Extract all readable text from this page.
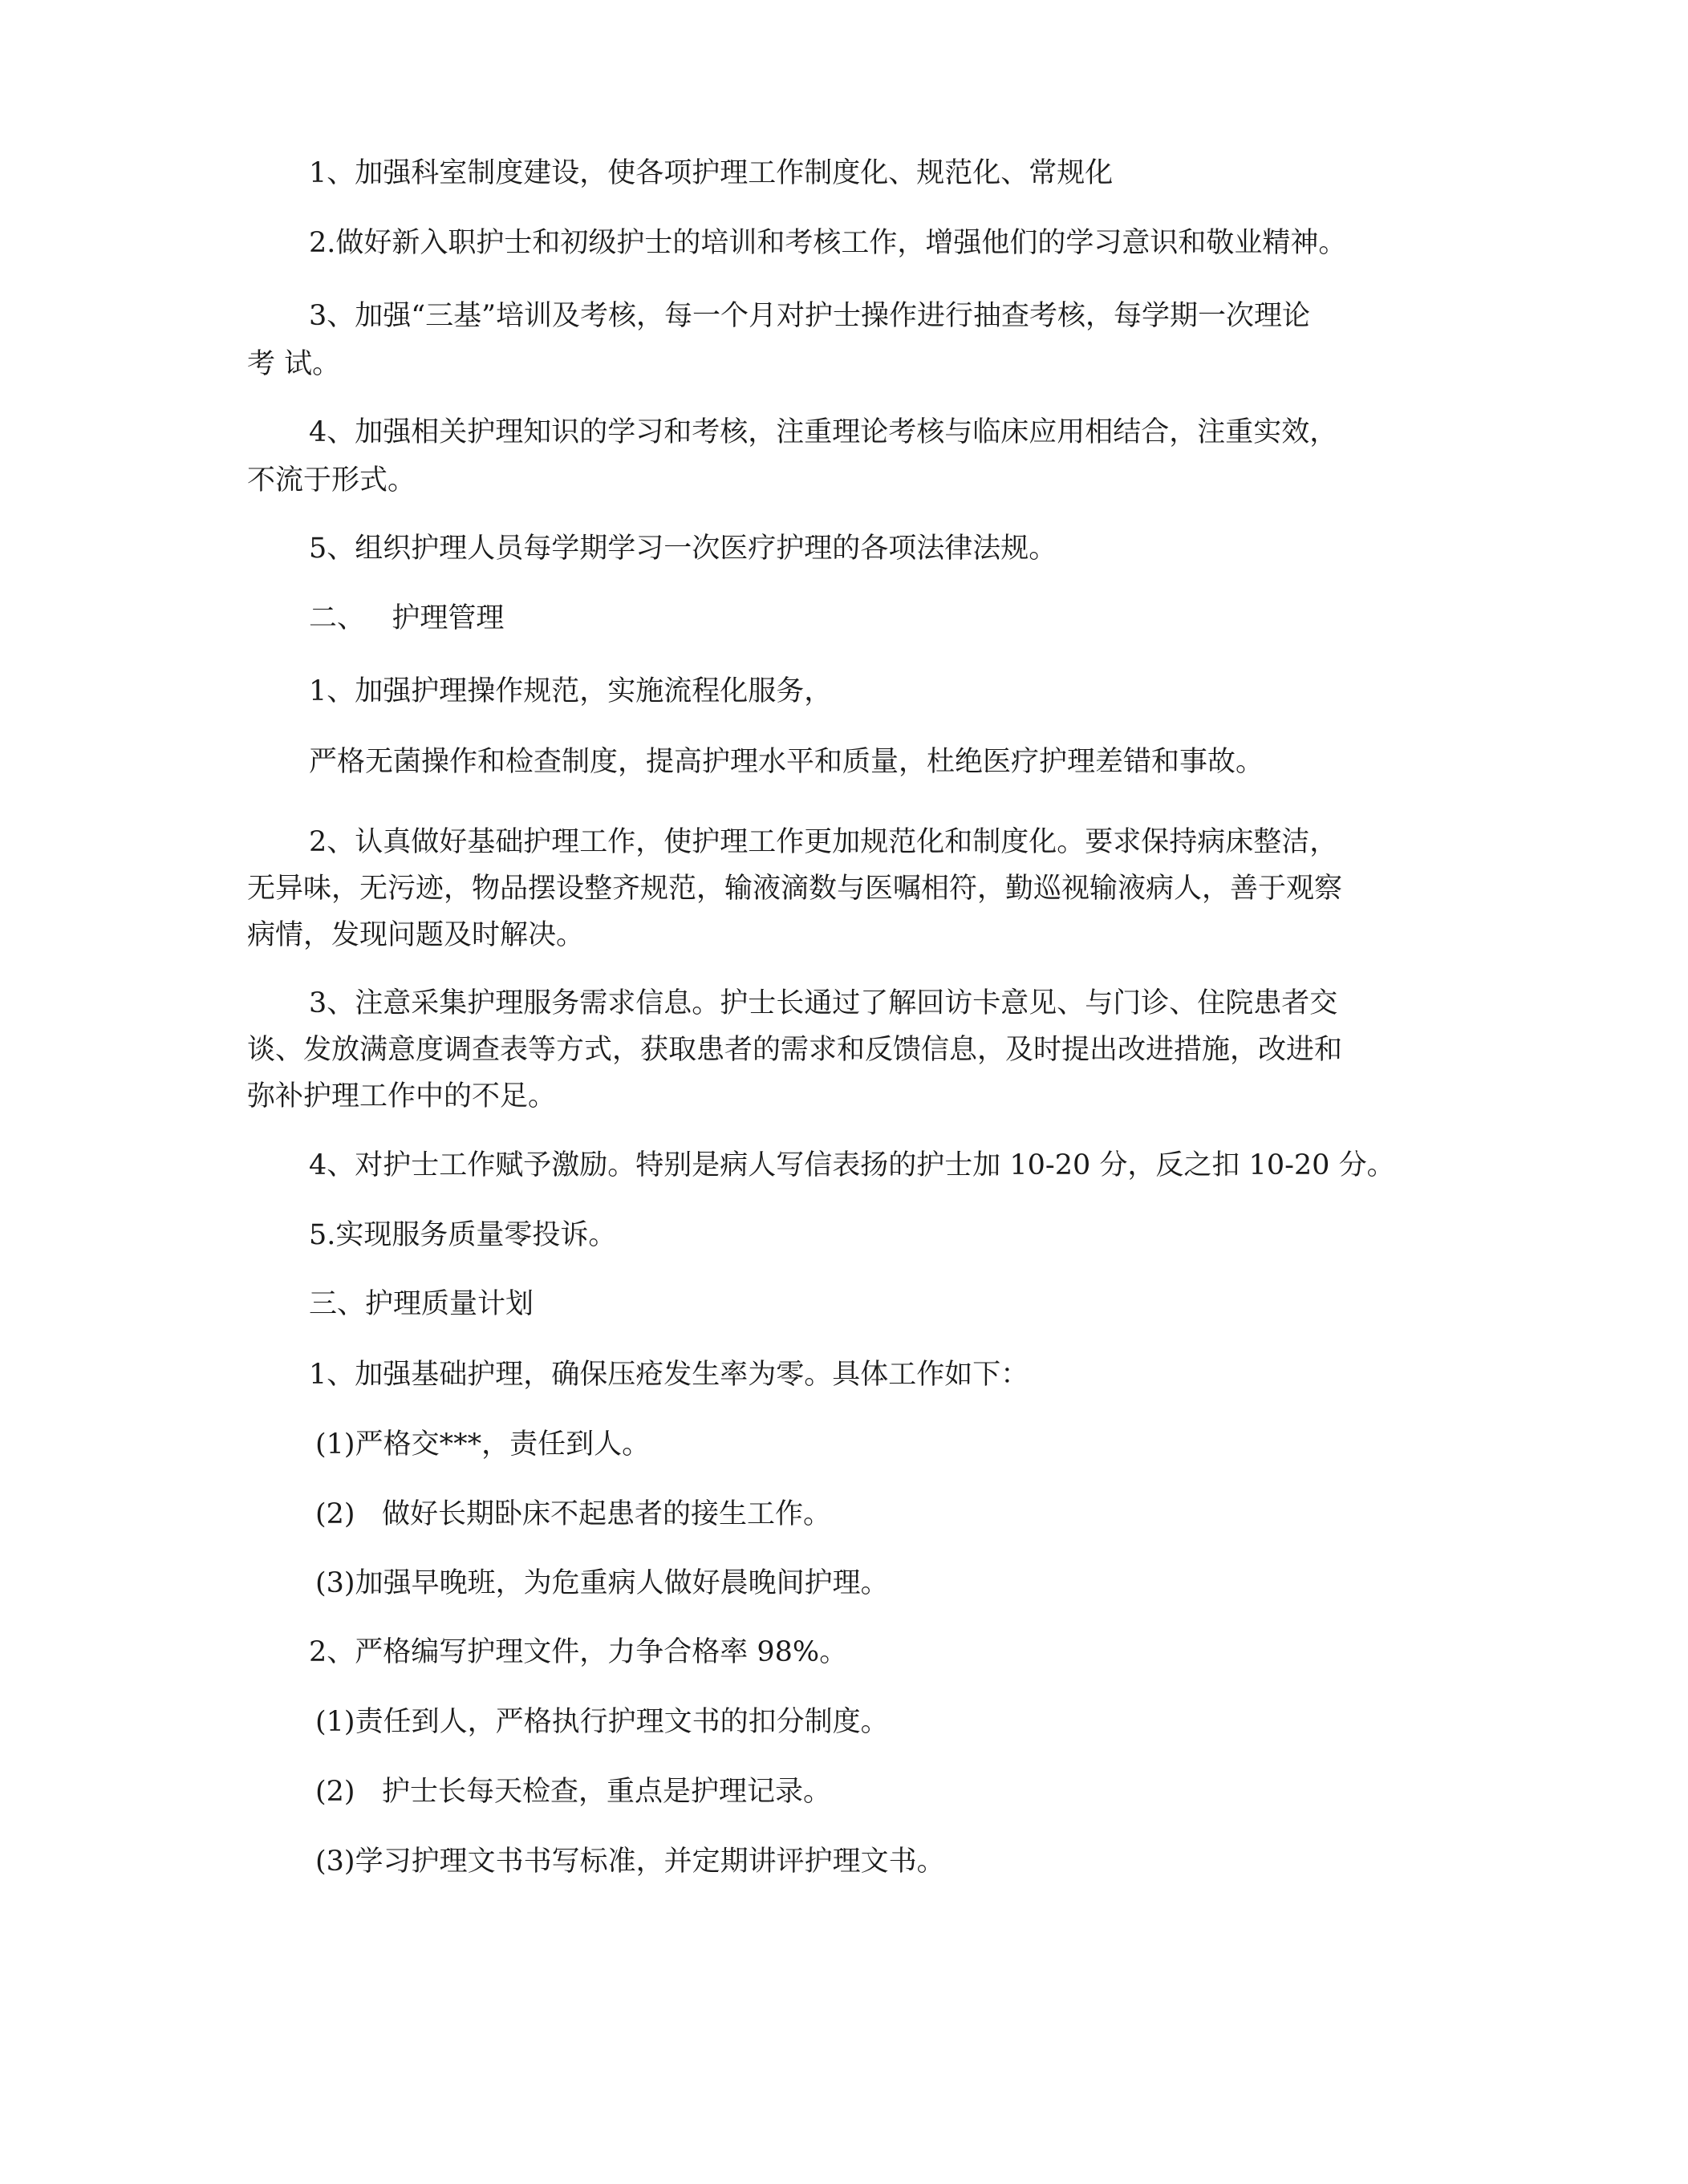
1、加强科室制度建设，使各项护理工作制度化、规范化、常规化

2.做好新入职护士和初级护士的培训和考核工作，增强他们的学习意识和敬业精神。

3、加强“三基”培训及考核，每一个月对护士操作进行抽查考核，每学期一次理论
考 试。

4、加强相关护理知识的学习和考核，注重理论考核与临床应用相结合，注重实效，
不流于形式。

5、组织护理人员每学期学习一次医疗护理的各项法律法规。

二、   护理管理

1、加强护理操作规范，实施流程化服务，

严格无菌操作和检查制度，提高护理水平和质量，杜绝医疗护理差错和事故。

2、认真做好基础护理工作，使护理工作更加规范化和制度化。要求保持病床整洁，
无异味，无污迹，物品摆设整齐规范，输液滴数与医嘱相符，勤巡视输液病人，善于观察
病情，发现问题及时解决。

3、注意采集护理服务需求信息。护士长通过了解回访卡意见、与门诊、住院患者交
谈、发放满意度调查表等方式，获取患者的需求和反馈信息，及时提出改进措施，改进和
弥补护理工作中的不足。

4、对护士工作赋予激励。特别是病人写信表扬的护士加 10-20 分，反之扣 10-20 分。

5.实现服务质量零投诉。

三、护理质量计划

1、加强基础护理，确保压疮发生率为零。具体工作如下：

(1)严格交***，责任到人。

(2)   做好长期卧床不起患者的接生工作。

(3)加强早晚班，为危重病人做好晨晚间护理。

2、严格编写护理文件，力争合格率 98%。

(1)责任到人，严格执行护理文书的扣分制度。

(2)   护士长每天检查，重点是护理记录。

(3)学习护理文书书写标准，并定期讲评护理文书。
